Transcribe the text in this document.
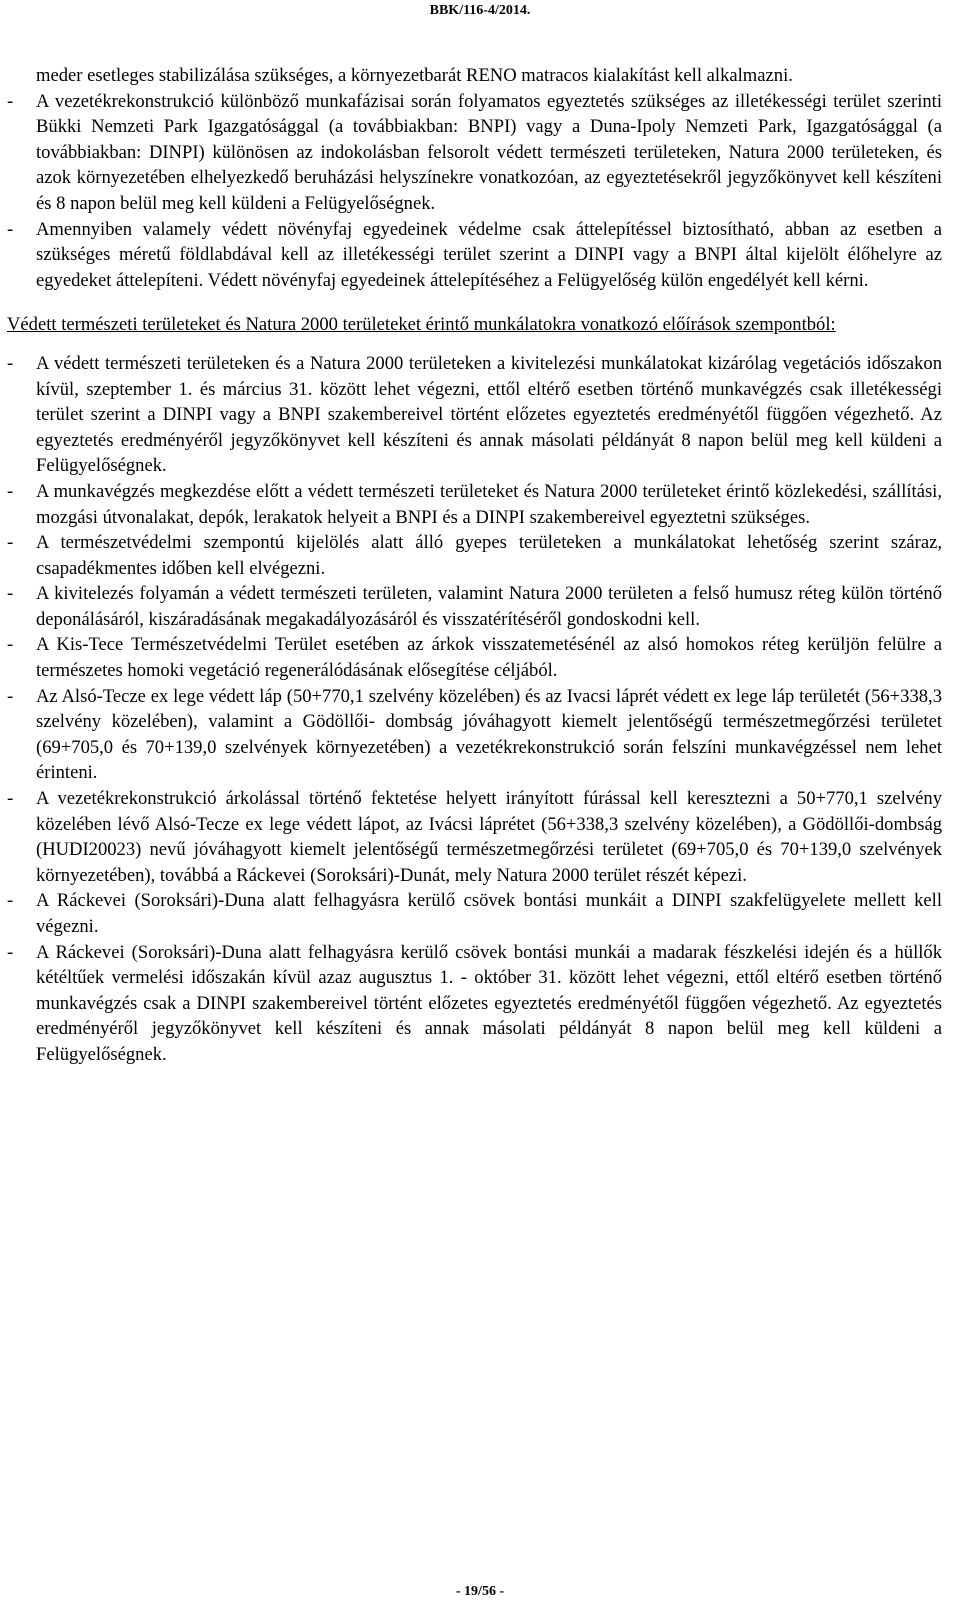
BBK/116-4/2014.

meder esetleges stabilizálása szükséges, a környezetbarát RENO matracos kialakítást kell alkalmazni.

- A vezetékrekonstrukció különböző munkafázisai során folyamatos egyeztetés szükséges az illetékességi terület szerinti Bükki Nemzeti Park Igazgatósággal (a továbbiakban: BNPI) vagy a Duna-Ipoly Nemzeti Park, Igazgatósággal (a továbbiakban: DINPI) különösen az indokolásban felsorolt védett természeti területeken, Natura 2000 területeken, és azok környezetében elhelyezkedő beruházási helyszínekre vonatkozóan, az egyeztetésekről jegyzőkönyvet kell készíteni és 8 napon belül meg kell küldeni a Felügyelőségnek.

- Amennyiben valamely védett növényfaj egyedeinek védelme csak áttelepítéssel biztosítható, abban az esetben a szükséges méretű földlabdával kell az illetékességi terület szerint a DINPI vagy a BNPI által kijelölt élőhelyre az egyedeket áttelepíteni. Védett növényfaj egyedeinek áttelepítéséhez a Felügyelőség külön engedélyét kell kérni.

Védett természeti területeket és Natura 2000 területeket érintő munkálatokra vonatkozó előírások szempontból:

- A védett természeti területeken és a Natura 2000 területeken a kivitelezési munkálatokat kizárólag vegetációs időszakon kívül, szeptember 1. és március 31. között lehet végezni, ettől eltérő esetben történő munkavégzés csak illetékességi terület szerint a DINPI vagy a BNPI szakembereivel történt előzetes egyeztetés eredményétől függően végezhető. Az egyeztetés eredményéről jegyzőkönyvet kell készíteni és annak másolati példányát 8 napon belül meg kell küldeni a Felügyelőségnek.

- A munkavégzés megkezdése előtt a védett természeti területeket és Natura 2000 területeket érintő közlekedési, szállítási, mozgási útvonalakat, depók, lerakatok helyeit a BNPI és a DINPI szakembereivel egyeztetni szükséges.

- A természetvédelmi szempontú kijelölés alatt álló gyepes területeken a munkálatokat lehetőség szerint száraz, csapadékmentes időben kell elvégezni.

- A kivitelezés folyamán a védett természeti területen, valamint Natura 2000 területen a felső humusz réteg külön történő deponálásáról, kiszáradásának megakadályozásáról és visszatérítéséről gondoskodni kell.

- A Kis-Tece Természetvédelmi Terület esetében az árkok visszatemetésénél az alsó homokos réteg kerüljön felülre a természetes homoki vegetáció regenerálódásának elősegítése céljából.

- Az Alsó-Tecze ex lege védett láp (50+770,1 szelvény közelében) és az Ivacsi láprét védett ex lege láp területét (56+338,3 szelvény közelében), valamint a Gödöllői- dombság jóváhagyott kiemelt jelentőségű természetmegőrzési területet (69+705,0 és 70+139,0 szelvények környezetében) a vezetékrekonstrukció során felszíni munkavégzéssel nem lehet érinteni.

- A vezetékrekonstrukció árkolással történő fektetése helyett irányított fúrással kell keresztezni a 50+770,1 szelvény közelében lévő Alsó-Tecze ex lege védett lápot, az Ivácsi láprétet (56+338,3 szelvény közelében), a Gödöllői-dombság (HUDI20023) nevű jóváhagyott kiemelt jelentőségű természetmegőrzési területet (69+705,0 és 70+139,0 szelvények környezetében), továbbá a Ráckevei (Soroksári)-Dunát, mely Natura 2000 terület részét képezi.

- A Ráckevei (Soroksári)-Duna alatt felhagyásra kerülő csövek bontási munkáit a DINPI szakfelügyelete mellett kell végezni.

- A Ráckevei (Soroksári)-Duna alatt felhagyásra kerülő csövek bontási munkái a madarak fészkelési idején és a hüllők kétéltűek vermelési időszakán kívül azaz augusztus 1. - október 31. között lehet végezni, ettől eltérő esetben történő munkavégzés csak a DINPI szakembereivel történt előzetes egyeztetés eredményétől függően végezhető. Az egyeztetés eredményéről jegyzőkönyvet kell készíteni és annak másolati példányát 8 napon belül meg kell küldeni a Felügyelőségnek.

- 19/56 -
